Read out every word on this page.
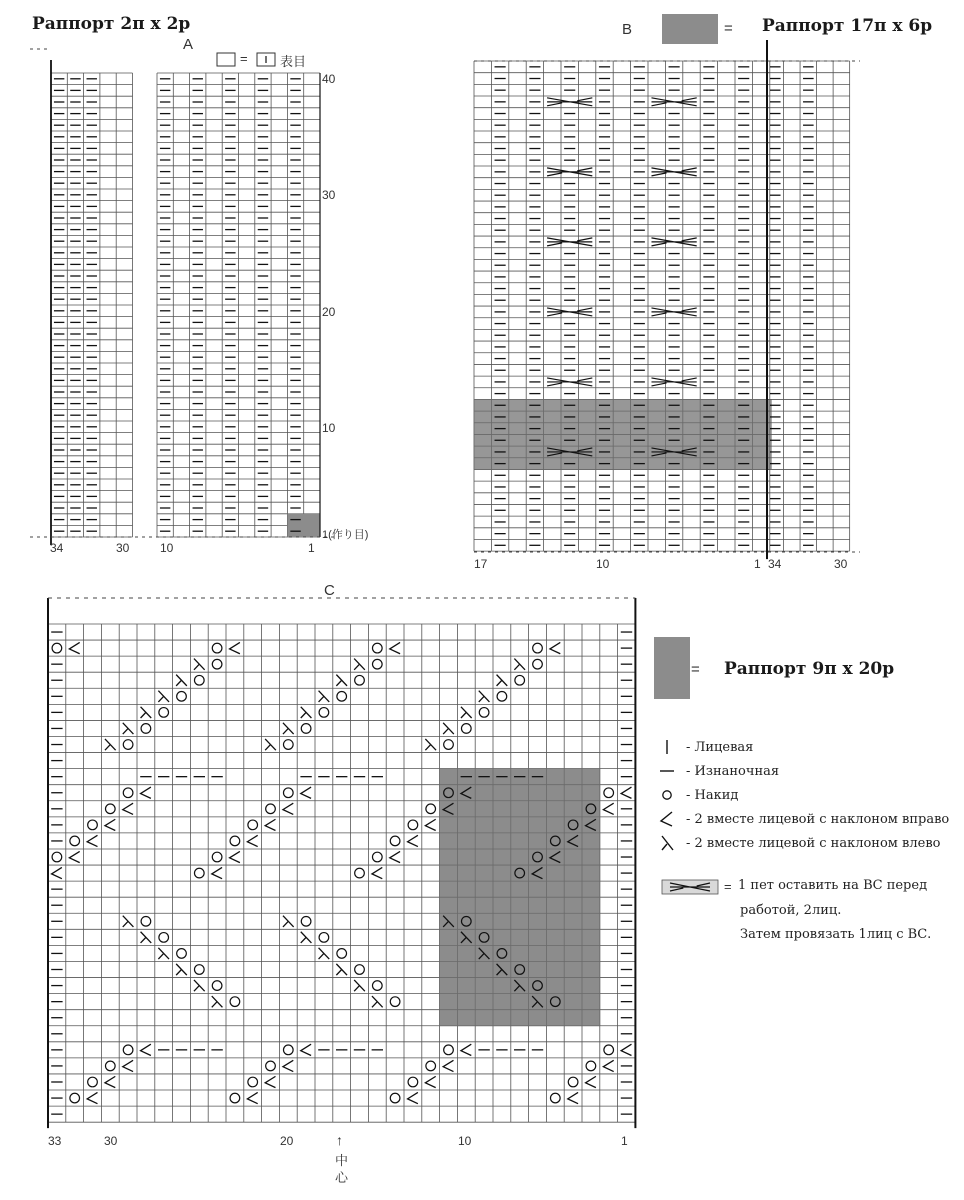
Раппорт 2п х 2р	Раппорт 17п х 6р
Раппорт 9п х 20р
A
B
C
= 表目
40
30
20
10
1(作り目)
34	30	10	1
=
17	10	1 34	30
33	30	20	10	1
↑
中
心
=
- Лицевая
- Изнаночная
- Накид
- 2 вместе лицевой с наклоном вправо
- 2 вместе лицевой с наклоном влево
= 1 пет оставить на ВС перед
работой, 2лиц.
Затем провязать 1лиц с ВС.
